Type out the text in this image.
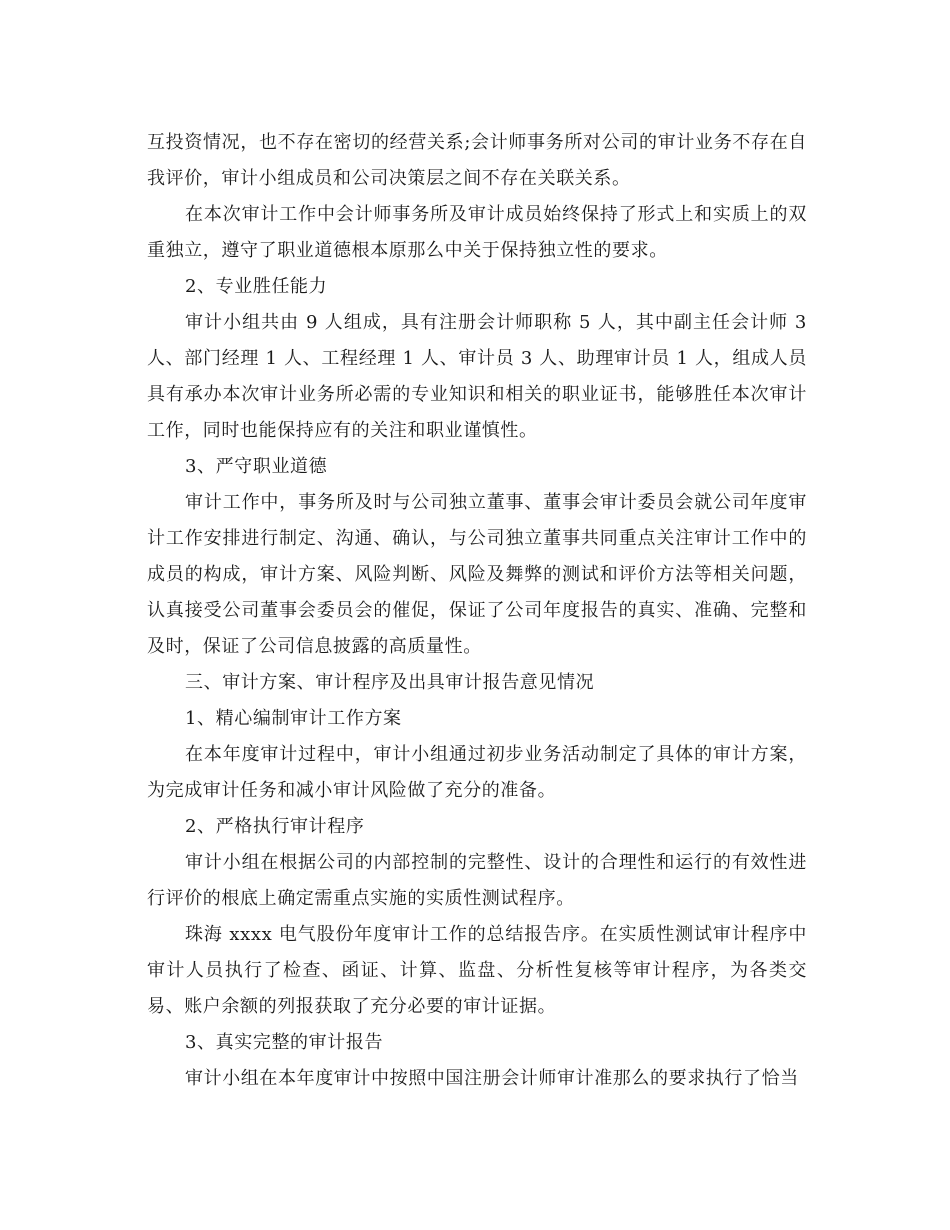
互投资情况，也不存在密切的经营关系;会计师事务所对公司的审计业务不存在自我评价，审计小组成员和公司决策层之间不存在关联关系。

在本次审计工作中会计师事务所及审计成员始终保持了形式上和实质上的双重独立，遵守了职业道德根本原那么中关于保持独立性的要求。

2、专业胜任能力

审计小组共由 9 人组成，具有注册会计师职称 5 人，其中副主任会计师 3 人、部门经理 1 人、工程经理 1 人、审计员 3 人、助理审计员 1 人，组成人员具有承办本次审计业务所必需的专业知识和相关的职业证书，能够胜任本次审计工作，同时也能保持应有的关注和职业谨慎性。

3、严守职业道德

审计工作中，事务所及时与公司独立董事、董事会审计委员会就公司年度审计工作安排进行制定、沟通、确认，与公司独立董事共同重点关注审计工作中的成员的构成，审计方案、风险判断、风险及舞弊的测试和评价方法等相关问题，认真接受公司董事会委员会的催促，保证了公司年度报告的真实、准确、完整和及时，保证了公司信息披露的高质量性。

三、审计方案、审计程序及出具审计报告意见情况

1、精心编制审计工作方案

在本年度审计过程中，审计小组通过初步业务活动制定了具体的审计方案，为完成审计任务和减小审计风险做了充分的准备。

2、严格执行审计程序

审计小组在根据公司的内部控制的完整性、设计的合理性和运行的有效性进行评价的根底上确定需重点实施的实质性测试程序。

珠海 xxxx 电气股份年度审计工作的总结报告序。在实质性测试审计程序中审计人员执行了检查、函证、计算、监盘、分析性复核等审计程序，为各类交易、账户余额的列报获取了充分必要的审计证据。

3、真实完整的审计报告

审计小组在本年度审计中按照中国注册会计师审计准那么的要求执行了恰当
